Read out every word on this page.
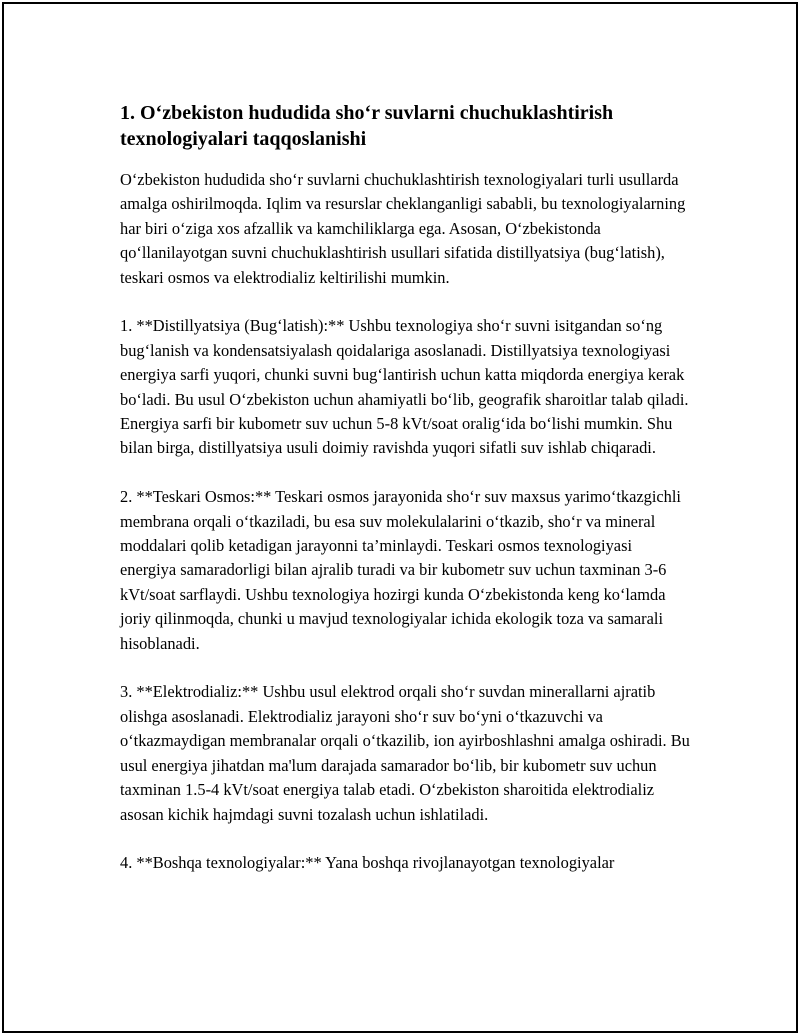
1. O‘zbekiston hududida sho‘r suvlarni chuchuklashtirish texnologiyalari taqqoslanishi

O‘zbekiston hududida sho‘r suvlarni chuchuklashtirish texnologiyalari turli usullarda amalga oshirilmoqda. Iqlim va resurslar cheklanganligi sababli, bu texnologiyalarning har biri o‘ziga xos afzallik va kamchiliklarga ega. Asosan, O‘zbekistonda qo‘llanilayotgan suvni chuchuklashtirish usullari sifatida distillyatsiya (bug‘latish), teskari osmos va elektrodializ keltirilishi mumkin.

1. **Distillyatsiya (Bug‘latish):** Ushbu texnologiya sho‘r suvni isitgandan so‘ng bug‘lanish va kondensatsiyalash qoidalariga asoslanadi. Distillyatsiya texnologiyasi energiya sarfi yuqori, chunki suvni bug‘lantirish uchun katta miqdorda energiya kerak bo‘ladi. Bu usul O‘zbekiston uchun ahamiyatli bo‘lib, geografik sharoitlar talab qiladi. Energiya sarfi bir kubometr suv uchun 5-8 kVt/soat oralig‘ida bo‘lishi mumkin. Shu bilan birga, distillyatsiya usuli doimiy ravishda yuqori sifatli suv ishlab chiqaradi.

2. **Teskari Osmos:** Teskari osmos jarayonida sho‘r suv maxsus yarimo‘tkazgichli membrana orqali o‘tkaziladi, bu esa suv molekulalarini o‘tkazib, sho‘r va mineral moddalari qolib ketadigan jarayonni ta’minlaydi. Teskari osmos texnologiyasi energiya samaradorligi bilan ajralib turadi va bir kubometr suv uchun taxminan 3-6 kVt/soat sarflaydi. Ushbu texnologiya hozirgi kunda O‘zbekistonda keng ko‘lamda joriy qilinmoqda, chunki u mavjud texnologiyalar ichida ekologik toza va samarali hisoblanadi.

3. **Elektrodializ:** Ushbu usul elektrod orqali sho‘r suvdan minerallarni ajratib olishga asoslanadi. Elektrodializ jarayoni sho‘r suv bo‘yni o‘tkazuvchi va o‘tkazmaydigan membranalar orqali o‘tkazilib, ion ayirboshlashni amalga oshiradi. Bu usul energiya jihatdan ma'lum darajada samarador bo‘lib, bir kubometr suv uchun taxminan 1.5-4 kVt/soat energiya talab etadi. O‘zbekiston sharoitida elektrodializ asosan kichik hajmdagi suvni tozalash uchun ishlatiladi.

4. **Boshqa texnologiyalar:** Yana boshqa rivojlanayotgan texnologiyalar
